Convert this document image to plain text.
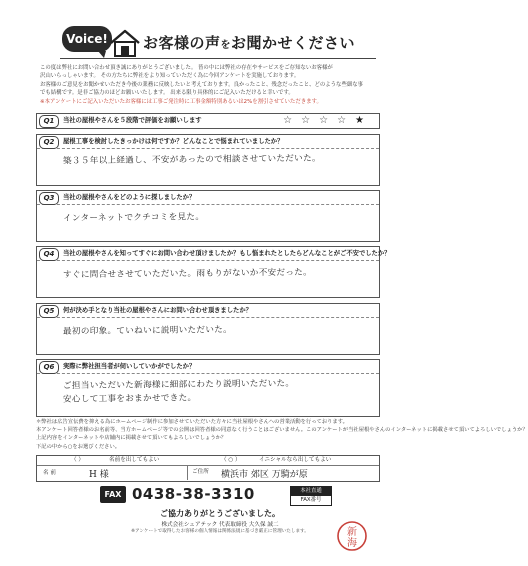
Voice! お客様の声をお聞かせください
この度は弊社にお問い合わせ頂き誠にありがとうございました。 皆の中には弊社の存在やサービスをご存知ないお客様が
沢山いらっしゃいます。 その方たちに弊社をより知っていただく為に今回アンケートを実施しております。
お客様のご意見をお聞かせいただき今後の業務に反映したいと考えております。良かったこと、残念だったこと、どのような些細な事
でも結構です。是非ご協力のほどお願いいたします。 出来る限り具体的にご記入いただけると幸いです。
※本アンケートにご記入いただいたお客様には工事ご発注時に工事金額特別あるいは2%を割引させていただきます。
Q1	当社の屋根やさんを５段階で評価をお願いします	☆☆☆☆★
Q2	屋根工事を検討したきっかけは何ですか？どんなことで悩まれていましたか？
築３５年以上経過し、不安があったので相談させていただいた。
Q3	当社の屋根やさんをどのように探しましたか？
インターネットでクチコミを見た。
Q4	当社の屋根やさんを知ってすぐにお問い合わせ頂けましたか？もし悩まれたとしたらどんなことがご不安でしたか？
すぐに問合せさせていただいた。雨もりがないか不安だった。
Q5	何が決め手となり当社の屋根やさんにお問い合わせ頂きましたか？
最初の印象。ていねいに説明いただいた。
Q6	実際に弊社担当者が伺いしていかがでしたか？
ご担当いただいた新海様に細部にわたり説明いただいた。
安心して工事をおまかせできた。
＊弊社は広告宣伝費を抑える為にホームページ制作に参加させていただいた方々に当社屋根やさんへの営業活動を行っております。
本アンケート回答者様のお名前等、当方ホームページ等での公開は回答者様の同意なく行うことはございません。このアンケートが当社屋根やさんのインターネットに掲載させて頂いてよろしいでしょうか？
上記内容をインターネットや店舗内に掲載させて頂いてもよろしいでしょうか？
下記の中から○をお選びください。
（ ）	名前を出してもよい	（ ○ ）	イニシャルなら出してもよい
名 前	H 様	ご住所 横浜市 郊区 万騎が原
FAX 0438-38-3310	本社直通
FAX番号
ご協力ありがとうございました。
株式会社シェアテック 代表取締役 大久保 誠二
※アンケートで取得したお客様の個人情報は関係法規に基づき厳正に管理いたします。	新
海
